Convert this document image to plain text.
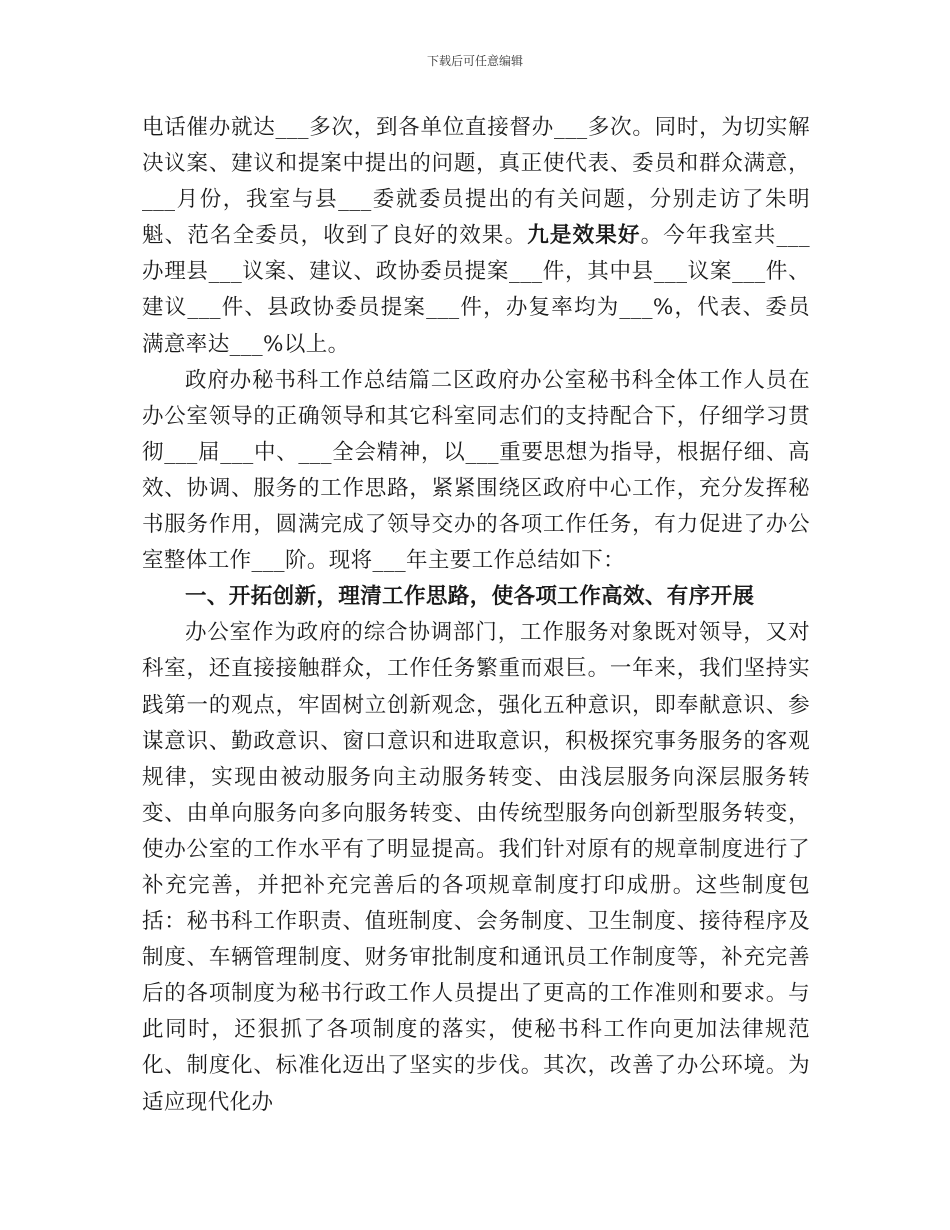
下载后可任意编辑

电话催办就达___多次，到各单位直接督办___多次。同时，为切实解决议案、建议和提案中提出的问题，真正使代表、委员和群众满意，___月份，我室与县___委就委员提出的有关问题，分别走访了朱明魁、范名全委员，收到了良好的效果。九是效果好。今年我室共___办理县___议案、建议、政协委员提案___件，其中县___议案___件、建议___件、县政协委员提案___件，办复率均为___%，代表、委员满意率达___%以上。

政府办秘书科工作总结篇二区政府办公室秘书科全体工作人员在办公室领导的正确领导和其它科室同志们的支持配合下，仔细学习贯彻___届___中、___全会精神，以___重要思想为指导，根据仔细、高效、协调、服务的工作思路，紧紧围绕区政府中心工作，充分发挥秘书服务作用，圆满完成了领导交办的各项工作任务，有力促进了办公室整体工作___阶。现将___年主要工作总结如下：

一、开拓创新，理清工作思路，使各项工作高效、有序开展

办公室作为政府的综合协调部门，工作服务对象既对领导，又对科室，还直接接触群众，工作任务繁重而艰巨。一年来，我们坚持实践第一的观点，牢固树立创新观念，强化五种意识，即奉献意识、参谋意识、勤政意识、窗口意识和进取意识，积极探究事务服务的客观规律，实现由被动服务向主动服务转变、由浅层服务向深层服务转变、由单向服务向多向服务转变、由传统型服务向创新型服务转变，使办公室的工作水平有了明显提高。我们针对原有的规章制度进行了补充完善，并把补充完善后的各项规章制度打印成册。这些制度包括：秘书科工作职责、值班制度、会务制度、卫生制度、接待程序及制度、车辆管理制度、财务审批制度和通讯员工作制度等，补充完善后的各项制度为秘书行政工作人员提出了更高的工作准则和要求。与此同时，还狠抓了各项制度的落实，使秘书科工作向更加法律规范化、制度化、标准化迈出了坚实的步伐。其次，改善了办公环境。为适应现代化办
